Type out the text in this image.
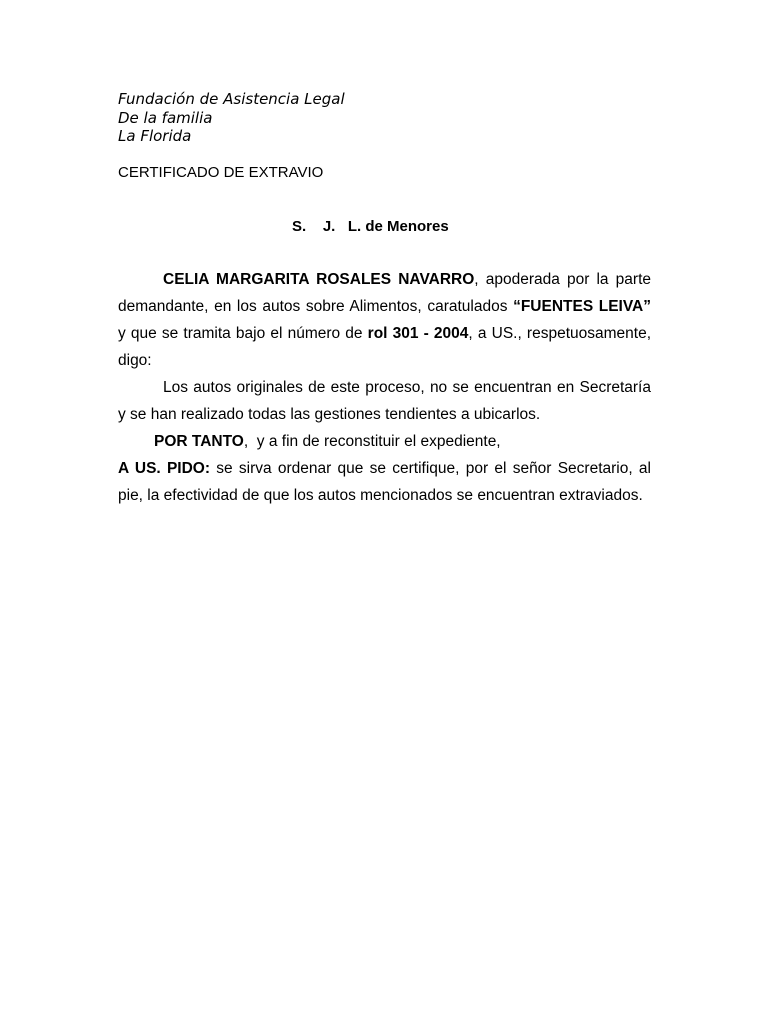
Fundación de Asistencia Legal
De la familia
La Florida
CERTIFICADO DE EXTRAVIO
S.    J.   L. de Menores

CELIA MARGARITA ROSALES NAVARRO, apoderada por la parte demandante, en los autos sobre Alimentos, caratulados “FUENTES LEIVA”  y que se tramita bajo el número de rol 301 - 2004, a US., respetuosamente, digo:

Los autos originales de este proceso, no se encuentran en Secretaría y se han realizado todas las gestiones tendientes a ubicarlos.

POR TANTO,  y a fin de reconstituir el expediente,

A US. PIDO: se sirva ordenar que se certifique, por el señor Secretario, al pie, la efectividad de que los autos mencionados se encuentran extraviados.
